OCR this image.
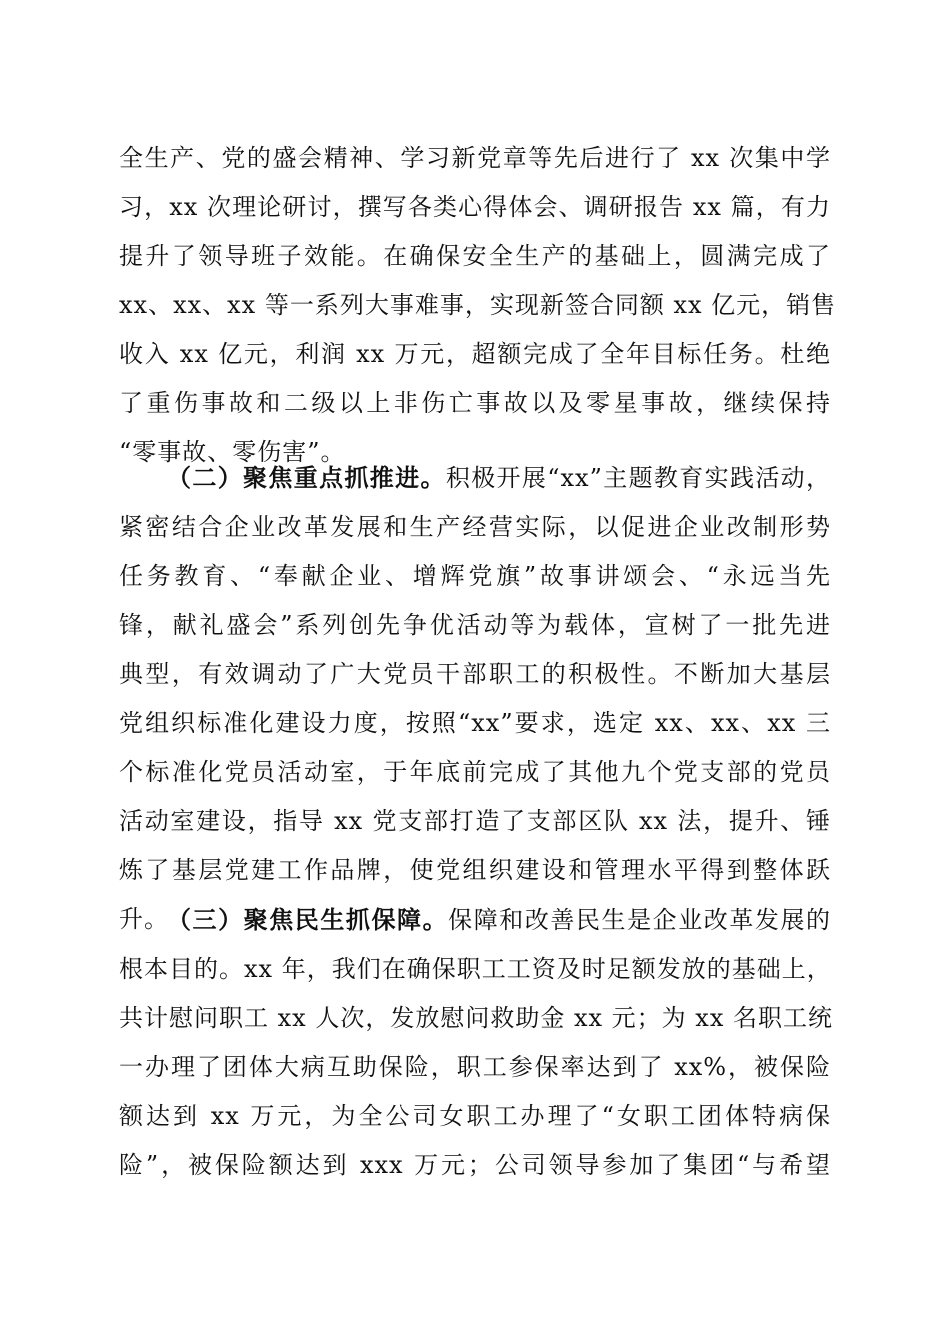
全生产、党的盛会精神、学习新党章等先后进行了 xx 次集中学
习，xx 次理论研讨，撰写各类心得体会、调研报告 xx 篇，有力
提升了领导班子效能。在确保安全生产的基础上，圆满完成了
xx、xx、xx 等一系列大事难事，实现新签合同额 xx 亿元，销售
收入 xx 亿元，利润 xx 万元，超额完成了全年目标任务。杜绝
了重伤事故和二级以上非伤亡事故以及零星事故，继续保持
“零事故、零伤害”。
（二）聚焦重点抓推进。积极开展“xx”主题教育实践活动，
紧密结合企业改革发展和生产经营实际，以促进企业改制形势
任务教育、“奉献企业、增辉党旗”故事讲颂会、“永远当先
锋，献礼盛会”系列创先争优活动等为载体，宣树了一批先进
典型，有效调动了广大党员干部职工的积极性。不断加大基层
党组织标准化建设力度，按照“xx”要求，选定 xx、xx、xx 三
个标准化党员活动室，于年底前完成了其他九个党支部的党员
活动室建设，指导 xx 党支部打造了支部区队 xx 法，提升、锤
炼了基层党建工作品牌，使党组织建设和管理水平得到整体跃
升。
（三）聚焦民生抓保障。保障和改善民生是企业改革发展的
根本目的。xx 年，我们在确保职工工资及时足额发放的基础上，
共计慰问职工 xx 人次，发放慰问救助金 xx 元；为 xx 名职工统
一办理了团体大病互助保险，职工参保率达到了 xx%，被保险
额达到 xx 万元，为全公司女职工办理了“女职工团体特病保
险”，被保险额达到 xxx 万元；公司领导参加了集团“与希望
